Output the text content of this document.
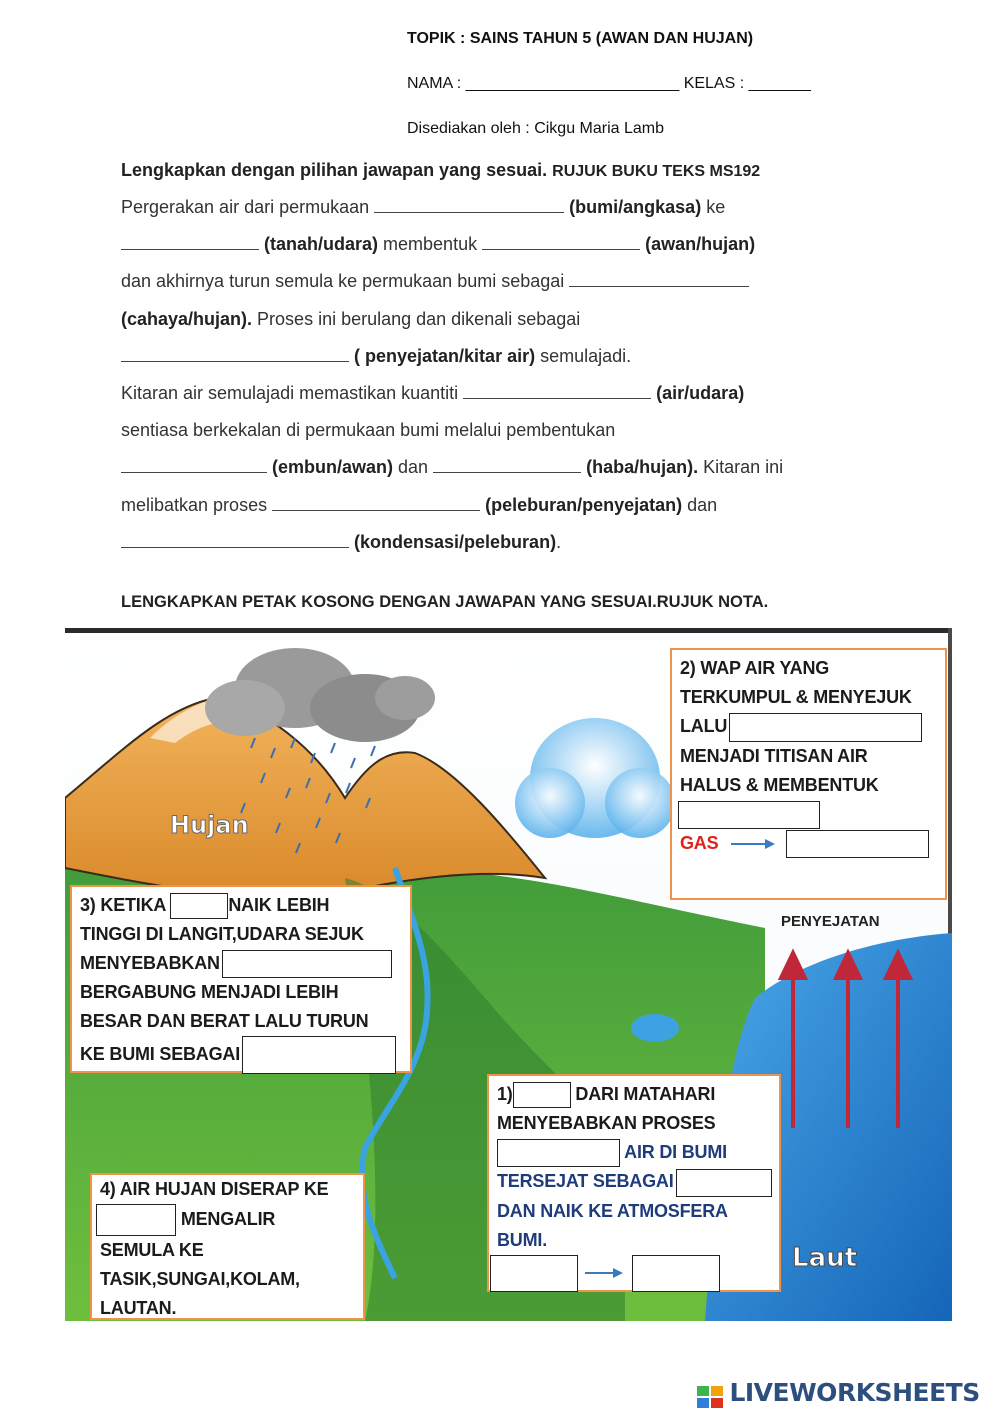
TOPIK : SAINS TAHUN 5 (AWAN DAN HUJAN)
NAMA : ________________________ KELAS : _______
Disediakan oleh : Cikgu Maria Lamb
Lengkapkan dengan pilihan jawapan yang sesuai. RUJUK BUKU TEKS MS192
Pergerakan air dari permukaan	(bumi/angkasa) ke
(tanah/udara) membentuk	(awan/hujan)
dan akhirnya turun semula ke permukaan bumi sebagai
(cahaya/hujan). Proses ini berulang dan dikenali sebagai
( penyejatan/kitar air) semulajadi.
Kitaran air semulajadi memastikan kuantiti	(air/udara)
sentiasa berkekalan di permukaan bumi melalui pembentukan
(embun/awan) dan	(haba/hujan). Kitaran ini
melibatkan proses	(peleburan/penyejatan) dan
(kondensasi/peleburan).
LENGKAPKAN PETAK KOSONG DENGAN JAWAPAN YANG SESUAI.RUJUK NOTA.
Hujan
Laut
PENYEJATAN
2) WAP AIR YANG
TERKUMPUL & MENYEJUK
LALU
MENJADI TITISAN AIR
HALUS & MEMBENTUK
GAS
3) KETIKA	NAIK LEBIH
TINGGI DI LANGIT,UDARA SEJUK
MENYEBABKAN
BERGABUNG MENJADI LEBIH
BESAR DAN BERAT LALU TURUN
KE BUMI SEBAGAI
1)	DARI MATAHARI
MENYEBABKAN PROSES
AIR DI BUMI
TERSEJAT SEBAGAI
DAN NAIK KE ATMOSFERA
BUMI.

4) AIR HUJAN DISERAP KE
MENGALIR
SEMULA KE
TASIK,SUNGAI,KOLAM,
LAUTAN.
LIVEWORKSHEETS
